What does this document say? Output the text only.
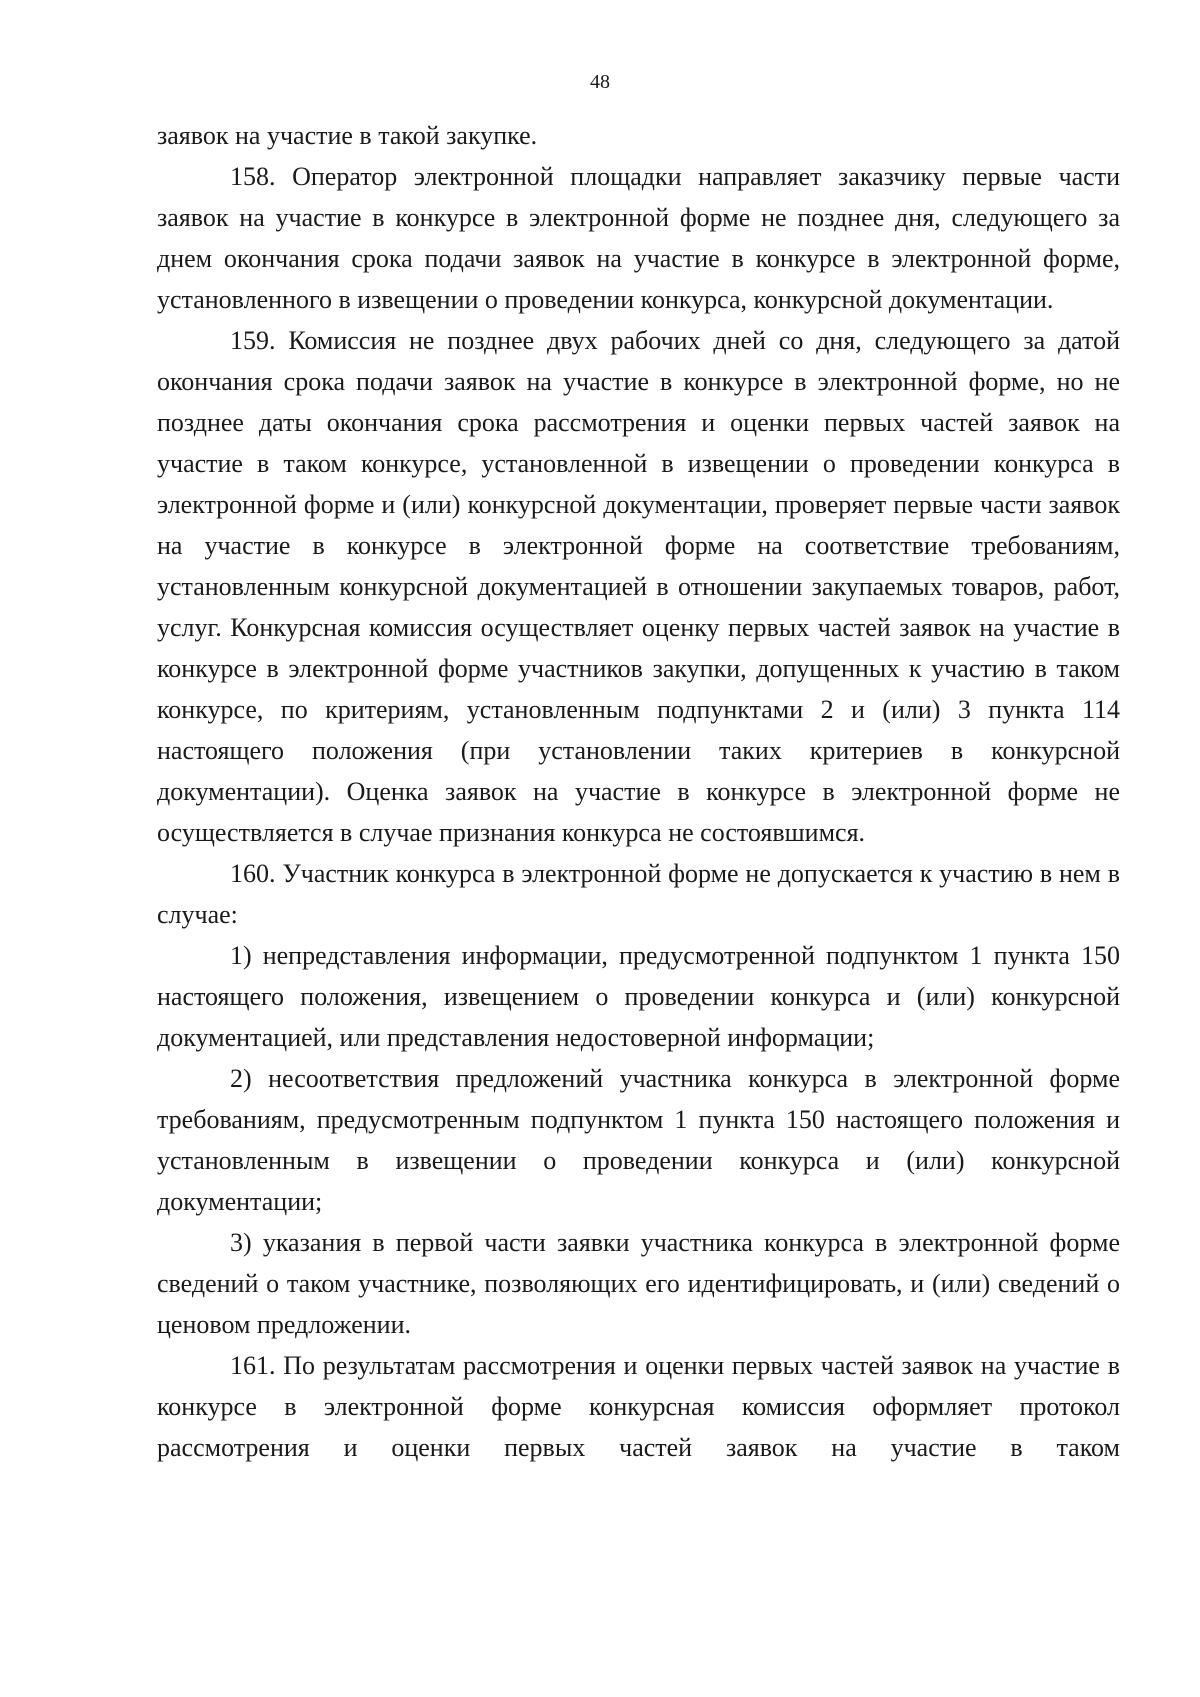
48

заявок на участие в такой закупке.

158. Оператор электронной площадки направляет заказчику первые части заявок на участие в конкурсе в электронной форме не позднее дня, следующего за днем окончания срока подачи заявок на участие в конкурсе в электронной форме, установленного в извещении о проведении конкурса, конкурсной документации.

159. Комиссия не позднее двух рабочих дней со дня, следующего за датой окончания срока подачи заявок на участие в конкурсе в электронной форме, но не позднее даты окончания срока рассмотрения и оценки первых частей заявок на участие в таком конкурсе, установленной в извещении о проведении конкурса в электронной форме и (или) конкурсной документации, проверяет первые части заявок на участие в конкурсе в электронной форме на соответствие требованиям, установленным конкурсной документацией в отношении закупаемых товаров, работ, услуг. Конкурсная комиссия осуществляет оценку первых частей заявок на участие в конкурсе в электронной форме участников закупки, допущенных к участию в таком конкурсе, по критериям, установленным подпунктами 2 и (или) 3 пункта 114 настоящего положения (при установлении таких критериев в конкурсной документации). Оценка заявок на участие в конкурсе в электронной форме не осуществляется в случае признания конкурса не состоявшимся.

160. Участник конкурса в электронной форме не допускается к участию в нем в случае:

1) непредставления информации, предусмотренной подпунктом 1 пункта 150 настоящего положения, извещением о проведении конкурса и (или) конкурсной документацией, или представления недостоверной информации;

2) несоответствия предложений участника конкурса в электронной форме требованиям, предусмотренным подпунктом 1 пункта 150 настоящего положения и установленным в извещении о проведении конкурса и (или) конкурсной документации;

3) указания в первой части заявки участника конкурса в электронной форме сведений о таком участнике, позволяющих его идентифицировать, и (или) сведений о ценовом предложении.

161. По результатам рассмотрения и оценки первых частей заявок на участие в конкурсе в электронной форме конкурсная комиссия оформляет протокол рассмотрения и оценки первых частей заявок на участие в таком
